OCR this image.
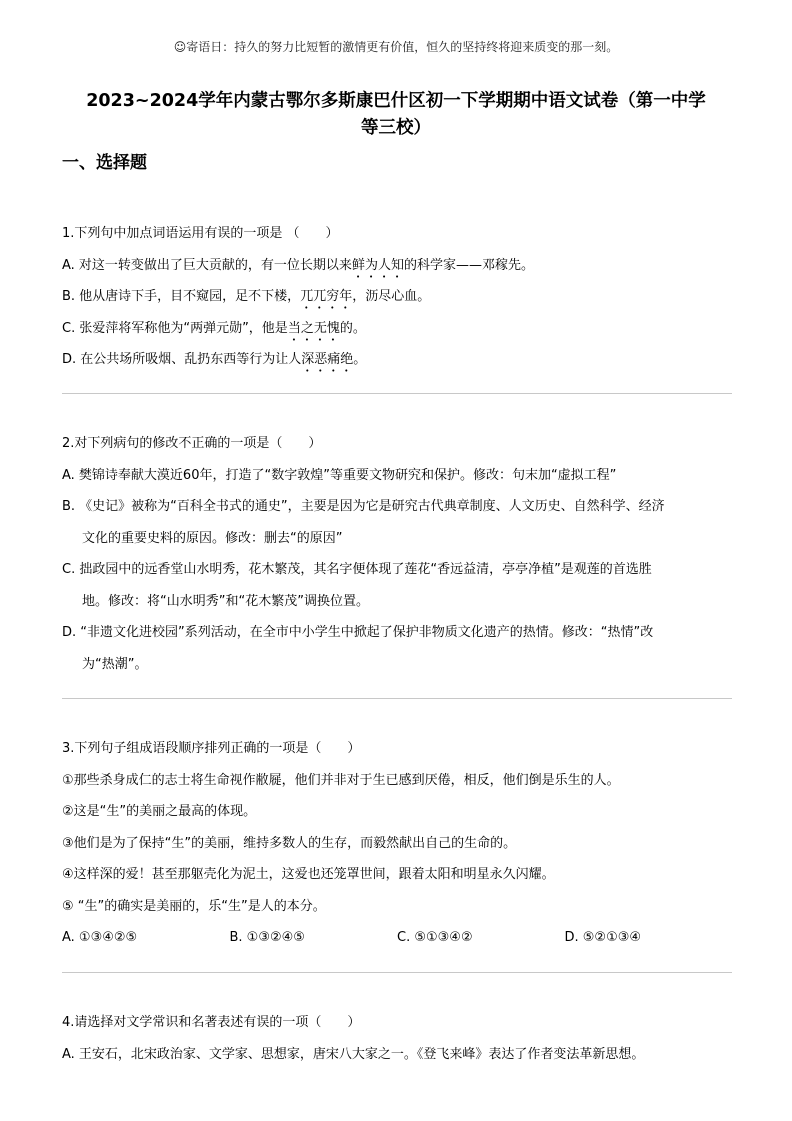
☺寄语日：持久的努力比短暂的激情更有价值，恒久的坚持终将迎来质变的那一刻。
2023~2024学年内蒙古鄂尔多斯康巴什区初一下学期期中语文试卷（第一中学
等三校）
一、选择题
1.下列句中加点词语运用有误的一项是 （　　）
A. 对这一转变做出了巨大贡献的，有一位长期以来鲜为人知的科学家——邓稼先。
B. 他从唐诗下手，目不窥园，足不下楼，兀兀穷年，沥尽心血。
C. 张爱萍将军称他为“两弹元勋”，他是当之无愧的。
D. 在公共场所吸烟、乱扔东西等行为让人深恶痛绝。
2.对下列病句的修改不正确的一项是（　　）
A. 樊锦诗奉献大漠近60年，打造了“数字敦煌”等重要文物研究和保护。修改：句末加“虚拟工程”
B. 《史记》被称为“百科全书式的通史”，主要是因为它是研究古代典章制度、人文历史、自然科学、经济
文化的重要史料的原因。修改：删去“的原因”
C. 拙政园中的远香堂山水明秀，花木繁茂，其名字便体现了莲花“香远益清，亭亭净植”是观莲的首选胜
地。修改：将“山水明秀”和“花木繁茂”调换位置。
D. “非遗文化进校园”系列活动，在全市中小学生中掀起了保护非物质文化遗产的热情。修改：“热情”改
为“热潮”。
3.下列句子组成语段顺序排列正确的一项是（　　）
①那些杀身成仁的志士将生命视作敝屣，他们并非对于生已感到厌倦，相反，他们倒是乐生的人。
②这是“生”的美丽之最高的体现。
③他们是为了保持“生”的美丽，维持多数人的生存，而毅然献出自己的生命的。
④这样深的爱！甚至那躯壳化为泥土，这爱也还笼罩世间，跟着太阳和明星永久闪耀。
⑤ “生”的确实是美丽的，乐“生”是人的本分。
A. ①③④②⑤	B. ①③②④⑤	C. ⑤①③④②	D. ⑤②①③④
4.请选择对文学常识和名著表述有误的一项（　　）
A. 王安石，北宋政治家、文学家、思想家，唐宋八大家之一。《登飞来峰》表达了作者变法革新思想。
